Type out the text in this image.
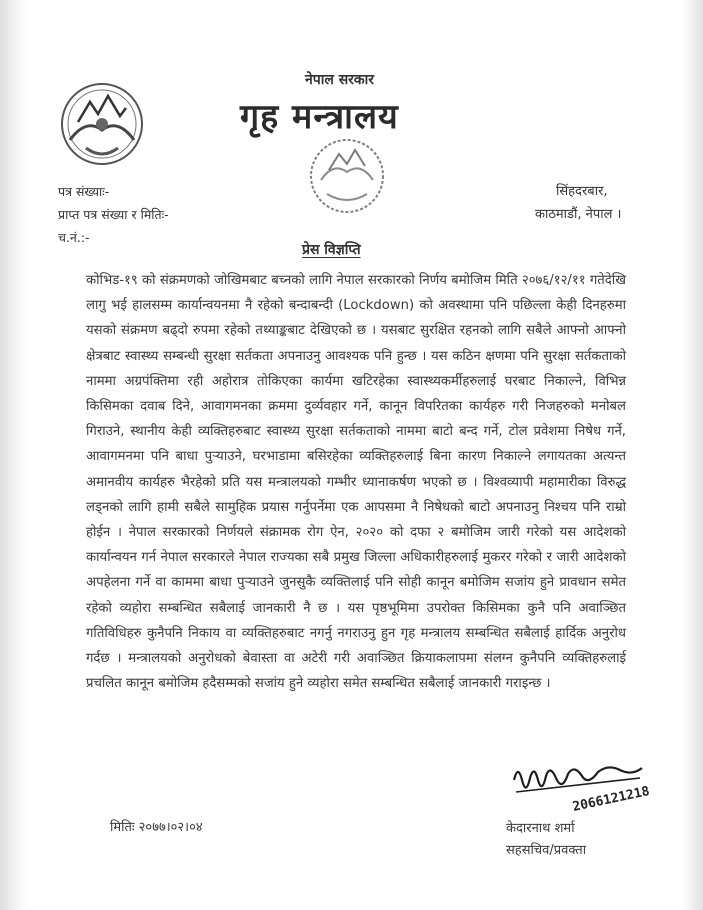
नेपाल सरकार
गृह मन्त्रालय
पत्र संख्याः-
प्राप्त पत्र संख्या र मितिः-
च.नं.:-
सिंहदरबार,
काठमाडौं, नेपाल ।
प्रेस विज्ञप्ति
कोभिड-१९ को संक्रमणको जोखिमबाट बच्नको लागि नेपाल सरकारको निर्णय बमोजिम मिति २०७६/१२/११ गतेदेखि लागु भई हालसम्म कार्यान्वयनमा नै रहेको बन्दाबन्दी (Lockdown) को अवस्थामा पनि पछिल्ला केही दिनहरुमा यसको संक्रमण बढ्दो रुपमा रहेको तथ्याङ्कबाट देखिएको छ । यसबाट सुरक्षित रहनको लागि सबैले आफ्नो आफ्नो क्षेत्रबाट स्वास्थ्य सम्बन्धी सुरक्षा सर्तकता अपनाउनु आवश्यक पनि हुन्छ । यस कठिन क्षणमा पनि सुरक्षा सर्तकताको नाममा अग्रपंक्तिमा रही अहोरात्र तोकिएका कार्यमा खटिरहेका स्वास्थ्यकर्मीहरुलाई घरबाट निकाल्ने, विभिन्न किसिमका दवाब दिने, आवागमनका क्रममा दुर्व्यवहार गर्ने, कानून विपरितका कार्यहरु गरी निजहरुको मनोबल गिराउने, स्थानीय केही व्यक्तिहरुबाट स्वास्थ्य सुरक्षा सर्तकताको नाममा बाटो बन्द गर्ने, टोल प्रवेशमा निषेध गर्ने, आवागमनमा पनि बाधा पुऱ्याउने, घरभाडामा बसिरहेका व्यक्तिहरुलाई बिना कारण निकाल्ने लगायतका अत्यन्त अमानवीय कार्यहरु भैरहेको प्रति यस मन्त्रालयको गम्भीर ध्यानाकर्षण भएको छ । विश्वव्यापी महामारीका विरुद्ध लड्नको लागि हामी सबैले सामुहिक प्रयास गर्नुपर्नेमा एक आपसमा नै निषेधको बाटो अपनाउनु निश्चय पनि राम्रो होईन । नेपाल सरकारको निर्णयले संक्रामक रोग ऐन, २०२० को दफा २ बमोजिम जारी गरेको यस आदेशको कार्यान्वयन गर्न नेपाल सरकारले नेपाल राज्यका सबै प्रमुख जिल्ला अधिकारीहरुलाई मुकरर गरेको र जारी आदेशको अपहेलना गर्ने वा काममा बाधा पुऱ्याउने जुनसुकै व्यक्तिलाई पनि सोही कानून बमोजिम सजांय हुने प्रावधान समेत रहेको व्यहोरा सम्बन्धित सबैलाई जानकारी नै छ । यस पृष्ठभूमिमा उपरोक्त किसिमका कुनै पनि अवाञ्छित गतिविधिहरु कुनैपनि निकाय वा व्यक्तिहरुबाट नगर्नु नगराउनु हुन गृह मन्त्रालय सम्बन्धित सबैलाई हार्दिक अनुरोध गर्दछ । मन्त्रालयको अनुरोधको बेवास्ता वा अटेरी गरी अवाञ्छित क्रियाकलापमा संलग्न कुनैपनि व्यक्तिहरुलाई प्रचलित कानून बमोजिम हदैसम्मको सजांय हुने व्यहोरा समेत सम्बन्धित सबैलाई जानकारी गराइन्छ ।
मितिः २०७७।०२।०४
2066121218
केदारनाथ शर्मा
सहसचिव/प्रवक्ता
